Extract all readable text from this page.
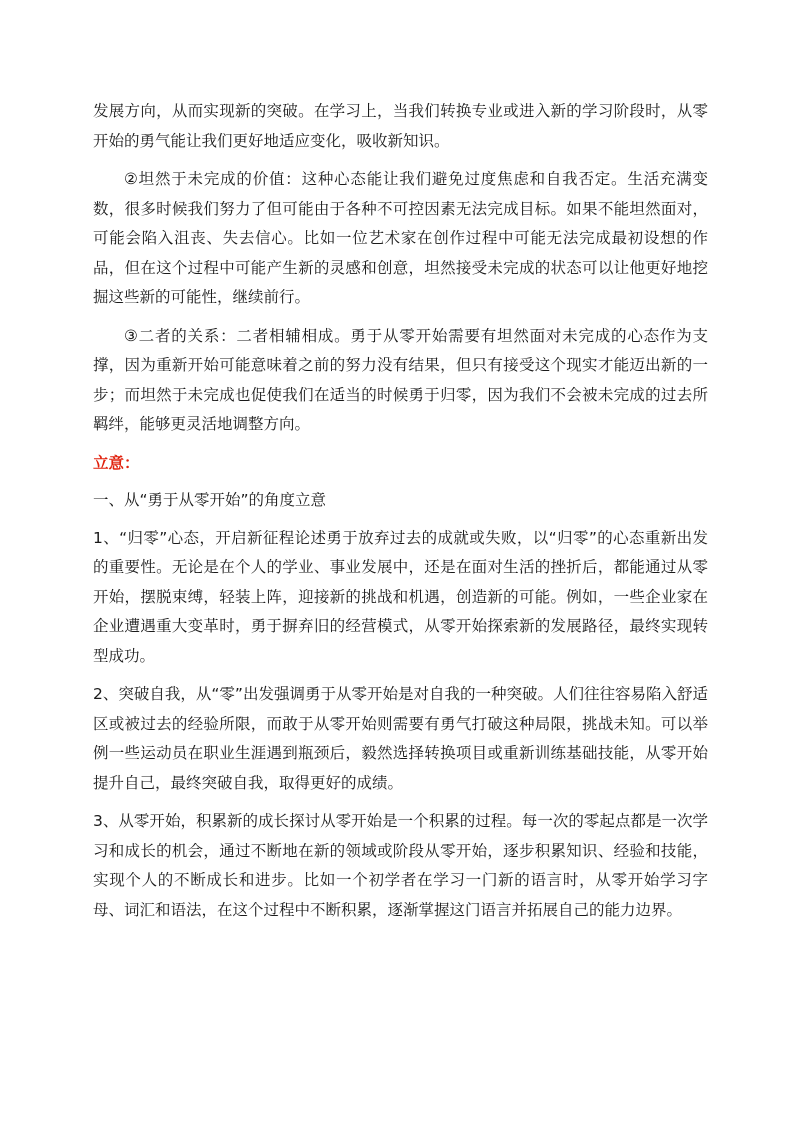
发展方向，从而实现新的突破。在学习上，当我们转换专业或进入新的学习阶段时，从零开始的勇气能让我们更好地适应变化，吸收新知识。

②坦然于未完成的价值：这种心态能让我们避免过度焦虑和自我否定。生活充满变数，很多时候我们努力了但可能由于各种不可控因素无法完成目标。如果不能坦然面对，可能会陷入沮丧、失去信心。比如一位艺术家在创作过程中可能无法完成最初设想的作品，但在这个过程中可能产生新的灵感和创意，坦然接受未完成的状态可以让他更好地挖掘这些新的可能性，继续前行。

③二者的关系：二者相辅相成。勇于从零开始需要有坦然面对未完成的心态作为支撑，因为重新开始可能意味着之前的努力没有结果，但只有接受这个现实才能迈出新的一步；而坦然于未完成也促使我们在适当的时候勇于归零，因为我们不会被未完成的过去所羁绊，能够更灵活地调整方向。

立意：

一、从“勇于从零开始”的角度立意

1、“归零”心态，开启新征程论述勇于放弃过去的成就或失败，以“归零”的心态重新出发的重要性。无论是在个人的学业、事业发展中，还是在面对生活的挫折后，都能通过从零开始，摆脱束缚，轻装上阵，迎接新的挑战和机遇，创造新的可能。例如，一些企业家在企业遭遇重大变革时，勇于摒弃旧的经营模式，从零开始探索新的发展路径，最终实现转型成功。

2、突破自我，从“零”出发强调勇于从零开始是对自我的一种突破。人们往往容易陷入舒适区或被过去的经验所限，而敢于从零开始则需要有勇气打破这种局限，挑战未知。可以举例一些运动员在职业生涯遇到瓶颈后，毅然选择转换项目或重新训练基础技能，从零开始提升自己，最终突破自我，取得更好的成绩。

3、从零开始，积累新的成长探讨从零开始是一个积累的过程。每一次的零起点都是一次学习和成长的机会，通过不断地在新的领域或阶段从零开始，逐步积累知识、经验和技能，实现个人的不断成长和进步。比如一个初学者在学习一门新的语言时，从零开始学习字母、词汇和语法，在这个过程中不断积累，逐渐掌握这门语言并拓展自己的能力边界。
